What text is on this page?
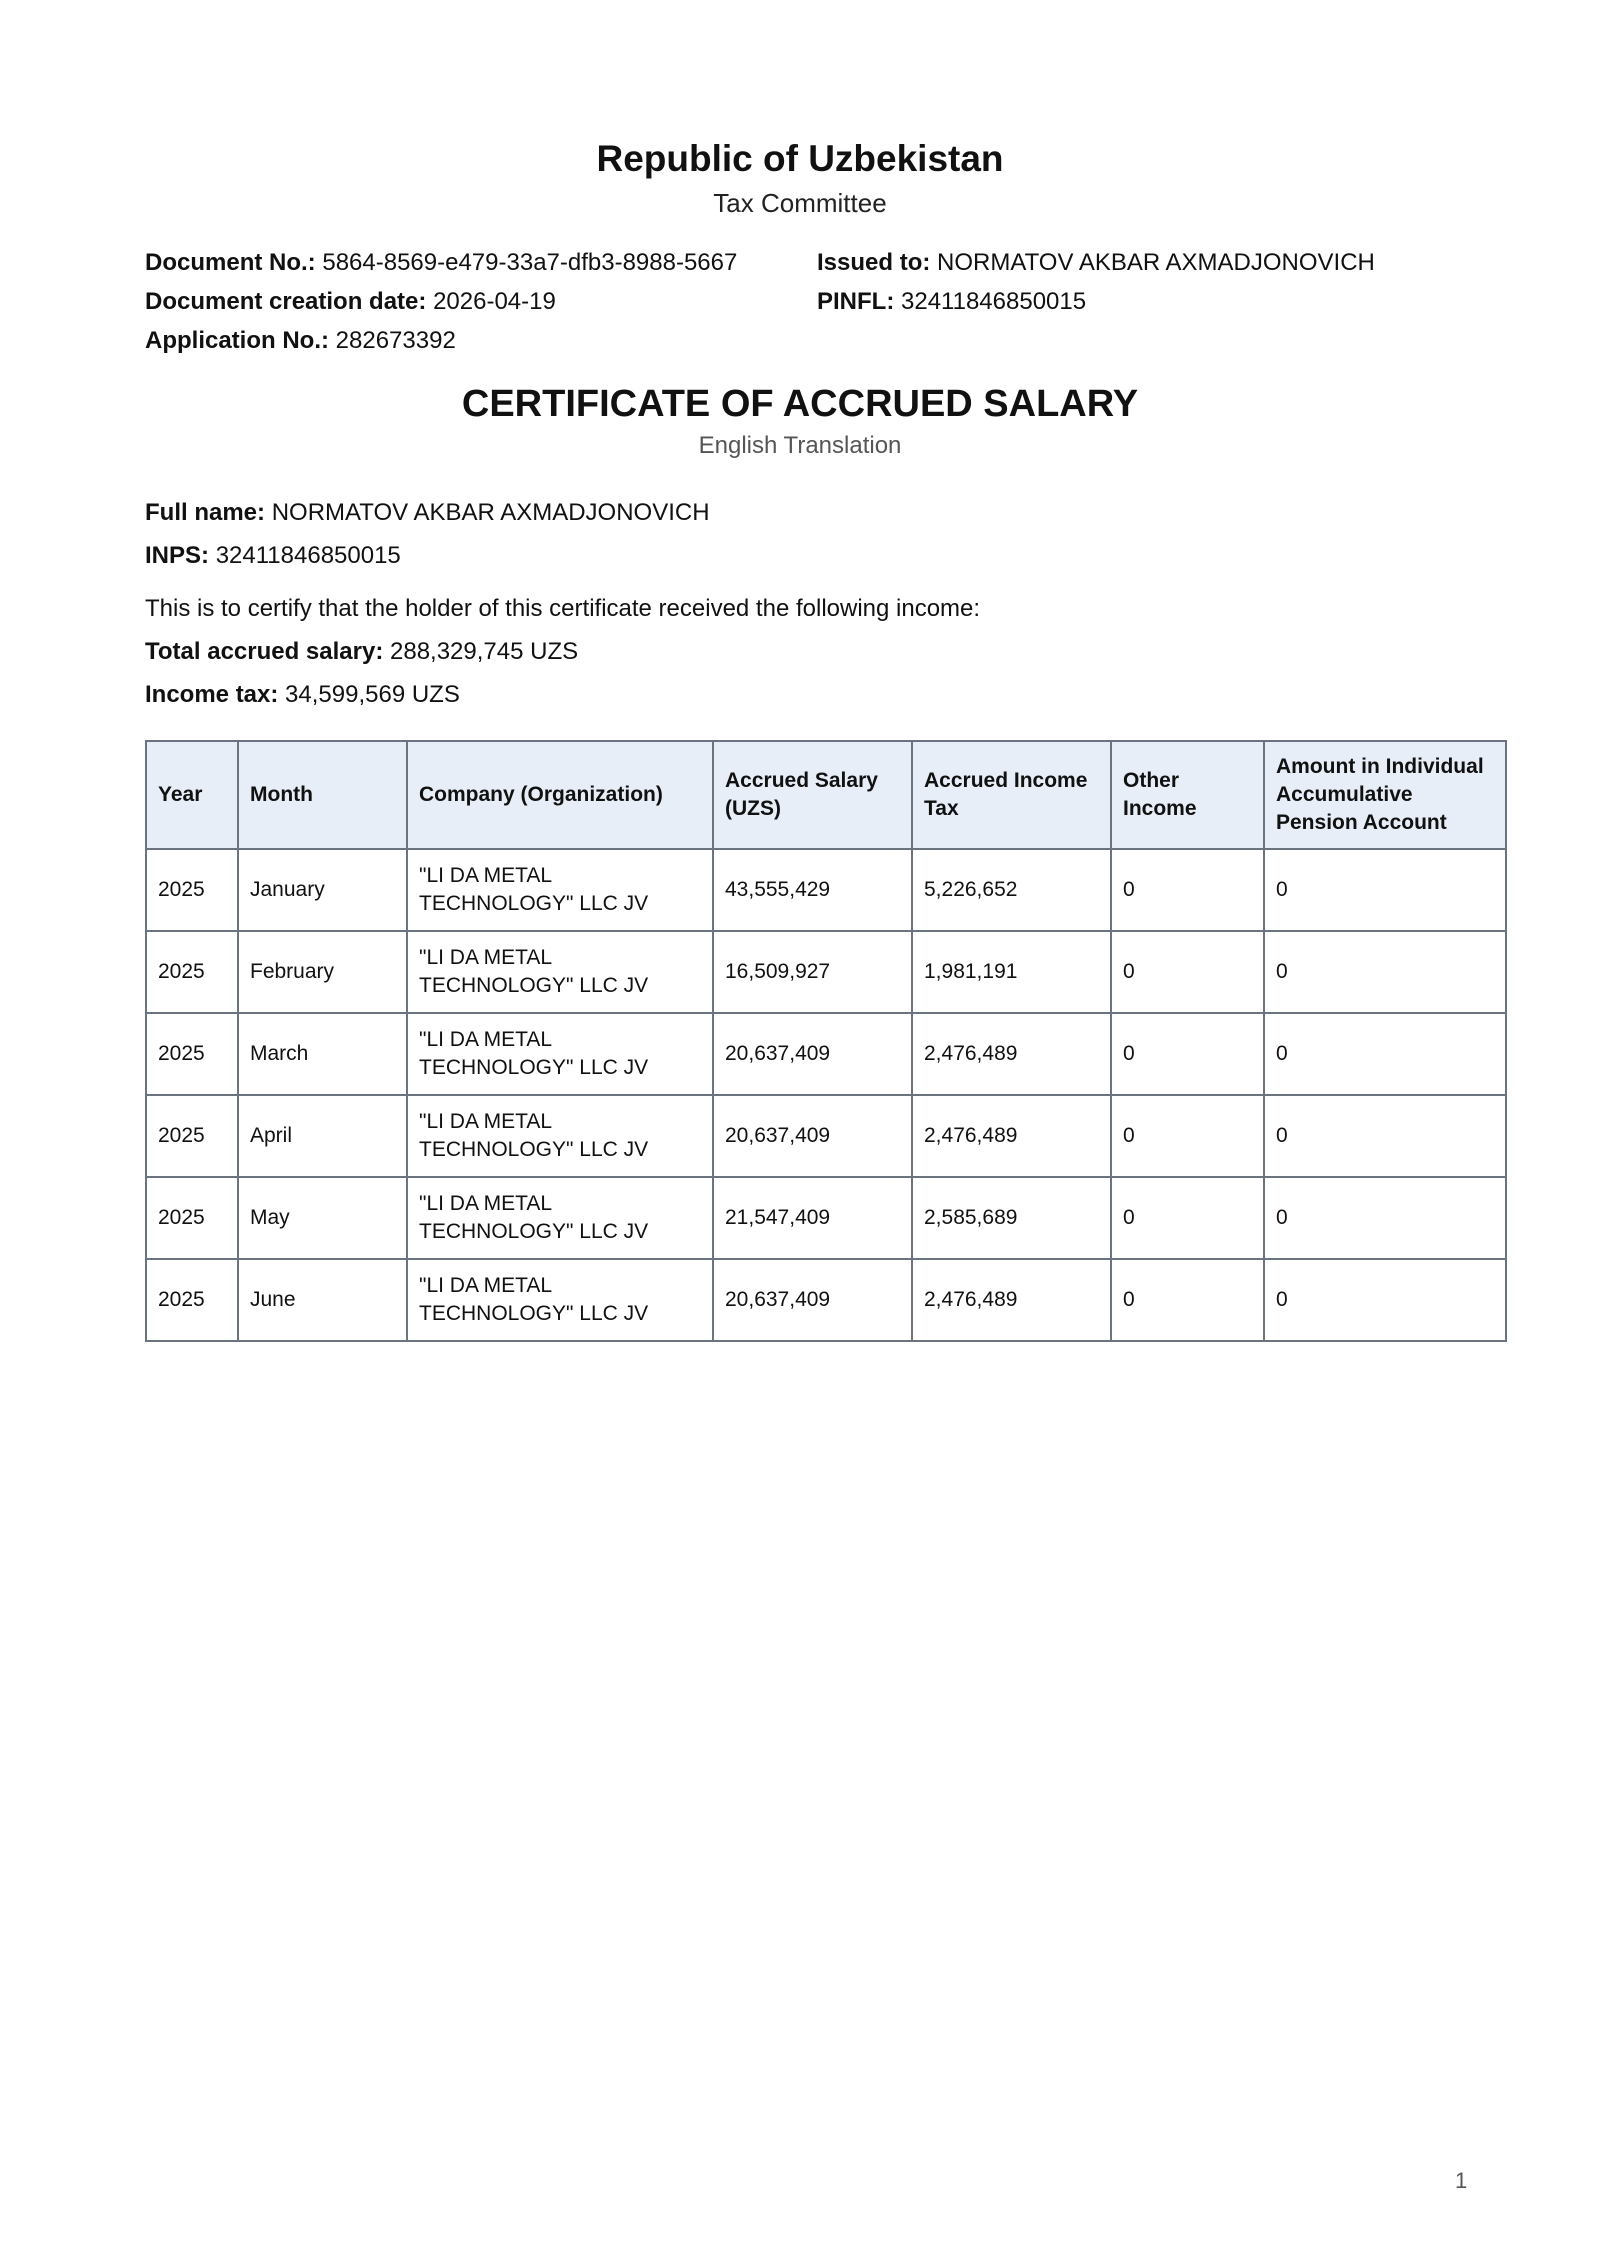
Republic of Uzbekistan
Tax Committee
Document No.: 5864-8569-e479-33a7-dfb3-8988-5667
Document creation date: 2026-04-19
Application No.: 282673392
Issued to: NORMATOV AKBAR AXMADJONOVICH
PINFL: 32411846850015
CERTIFICATE OF ACCRUED SALARY
English Translation
Full name: NORMATOV AKBAR AXMADJONOVICH
INPS: 32411846850015
This is to certify that the holder of this certificate received the following income:
Total accrued salary: 288,329,745 UZS
Income tax: 34,599,569 UZS
Year	Month	Company (Organization)	Accrued Salary (UZS)	Accrued Income Tax	Other Income	Amount in Individual Accumulative Pension Account
2025	January	"LI DA METAL TECHNOLOGY" LLC JV	43,555,429	5,226,652	0	0
2025	February	"LI DA METAL TECHNOLOGY" LLC JV	16,509,927	1,981,191	0	0
2025	March	"LI DA METAL TECHNOLOGY" LLC JV	20,637,409	2,476,489	0	0
2025	April	"LI DA METAL TECHNOLOGY" LLC JV	20,637,409	2,476,489	0	0
2025	May	"LI DA METAL TECHNOLOGY" LLC JV	21,547,409	2,585,689	0	0
2025	June	"LI DA METAL TECHNOLOGY" LLC JV	20,637,409	2,476,489	0	0
1
